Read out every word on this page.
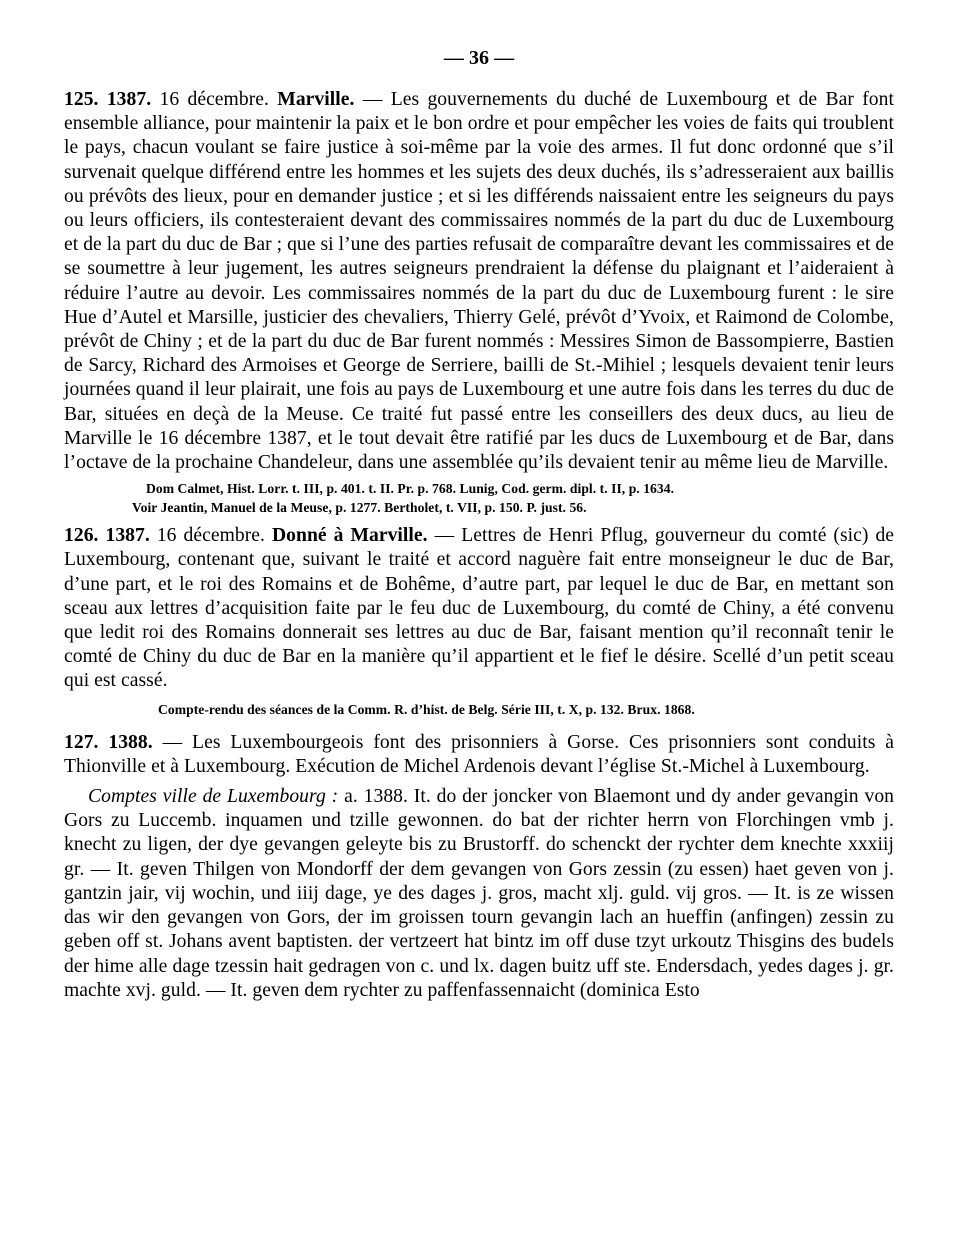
— 36 —

125. 1387. 16 décembre. Marville. — Les gouvernements du duché de Luxembourg et de Bar font ensemble alliance, pour maintenir la paix et le bon ordre et pour empêcher les voies de faits qui troublent le pays, chacun voulant se faire justice à soi-même par la voie des armes. Il fut donc ordonné que s’il survenait quelque différend entre les hommes et les sujets des deux duchés, ils s’adresseraient aux baillis ou prévôts des lieux, pour en demander justice ; et si les différends naissaient entre les seigneurs du pays ou leurs officiers, ils contesteraient devant des commissaires nommés de la part du duc de Luxembourg et de la part du duc de Bar ; que si l’une des parties refusait de comparaître devant les commissaires et de se soumettre à leur jugement, les autres seigneurs prendraient la défense du plaignant et l’aideraient à réduire l’autre au devoir. Les commissaires nommés de la part du duc de Luxembourg furent : le sire Hue d’Autel et Marsille, justicier des chevaliers, Thierry Gelé, prévôt d’Yvoix, et Raimond de Colombe, prévôt de Chiny ; et de la part du duc de Bar furent nommés : Messires Simon de Bassompierre, Bastien de Sarcy, Richard des Armoises et George de Serriere, bailli de St.-Mihiel ; lesquels devaient tenir leurs journées quand il leur plairait, une fois au pays de Luxembourg et une autre fois dans les terres du duc de Bar, situées en deçà de la Meuse. Ce traité fut passé entre les conseillers des deux ducs, au lieu de Marville le 16 décembre 1387, et le tout devait être ratifié par les ducs de Luxembourg et de Bar, dans l’octave de la prochaine Chandeleur, dans une assemblée qu’ils devaient tenir au même lieu de Marville.

Dom Calmet, Hist. Lorr. t. III, p. 401. t. II. Pr. p. 768. Lunig, Cod. germ. dipl. t. II, p. 1634.
Voir Jeantin, Manuel de la Meuse, p. 1277. Bertholet, t. VII, p. 150. P. just. 56.

126. 1387. 16 décembre. Donné à Marville. — Lettres de Henri Pflug, gouverneur du comté (sic) de Luxembourg, contenant que, suivant le traité et accord naguère fait entre monseigneur le duc de Bar, d’une part, et le roi des Romains et de Bohême, d’autre part, par lequel le duc de Bar, en mettant son sceau aux lettres d’acquisition faite par le feu duc de Luxembourg, du comté de Chiny, a été convenu que ledit roi des Romains donnerait ses lettres au duc de Bar, faisant mention qu’il reconnaît tenir le comté de Chiny du duc de Bar en la manière qu’il appartient et le fief le désire. Scellé d’un petit sceau qui est cassé.

Compte-rendu des séances de la Comm. R. d’hist. de Belg. Série III, t. X, p. 132. Brux. 1868.

127. 1388. — Les Luxembourgeois font des prisonniers à Gorse. Ces prisonniers sont conduits à Thionville et à Luxembourg. Exécution de Michel Ardenois devant l’église St.-Michel à Luxembourg.

Comptes ville de Luxembourg : a. 1388. It. do der joncker von Blaemont und dy ander gevangin von Gors zu Luccemb. inquamen und tzille gewonnen. do bat der richter herrn von Florchingen vmb j. knecht zu ligen, der dye gevangen geleyte bis zu Brustorff. do schenckt der rychter dem knechte xxxiij gr. — It. geven Thilgen von Mondorff der dem gevangen von Gors zessin (zu essen) haet geven von j. gantzin jair, vij wochin, und iiij dage, ye des dages j. gros, macht xlj. guld. vij gros. — It. is ze wissen das wir den gevangen von Gors, der im groissen tourn gevangin lach an hueffin (anfingen) zessin zu geben off st. Johans avent baptisten. der vertzeert hat bintz im off duse tzyt urkoutz Thisgins des budels der hime alle dage tzessin hait gedragen von c. und lx. dagen buitz uff ste. Endersdach, yedes dages j. gr. machte xvj. guld. — It. geven dem rychter zu paffenfassennaicht (dominica Esto
